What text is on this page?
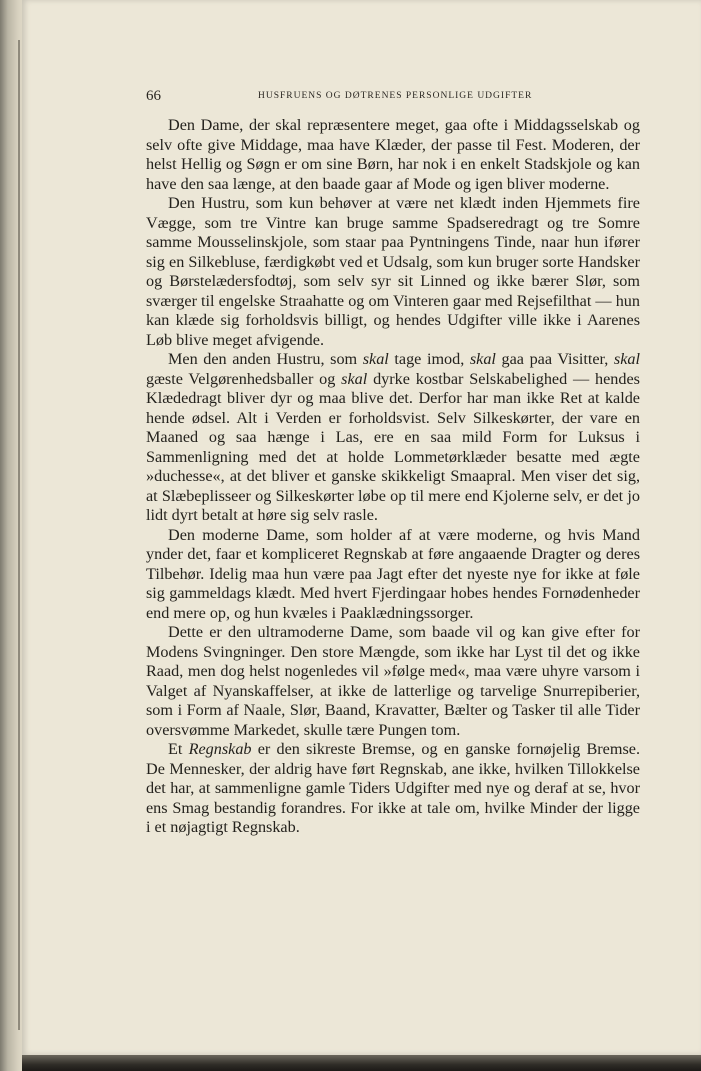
66	HUSFRUENS OG DØTRENES PERSONLIGE UDGIFTER

Den Dame, der skal repræsentere meget, gaa ofte i Middagsselskab og selv ofte give Middage, maa have Klæder, der passe til Fest. Moderen, der helst Hellig og Søgn er om sine Børn, har nok i en enkelt Stadskjole og kan have den saa længe, at den baade gaar af Mode og igen bliver moderne.

Den Hustru, som kun behøver at være net klædt inden Hjemmets fire Vægge, som tre Vintre kan bruge samme Spadseredragt og tre Somre samme Mousselinskjole, som staar paa Pyntningens Tinde, naar hun ifører sig en Silkebluse, færdigkøbt ved et Udsalg, som kun bruger sorte Handsker og Børstelædersfodtøj, som selv syr sit Linned og ikke bærer Slør, som sværger til engelske Straahatte og om Vinteren gaar med Rejsefilthat — hun kan klæde sig forholdsvis billigt, og hendes Udgifter ville ikke i Aarenes Løb blive meget afvigende.

Men den anden Hustru, som skal tage imod, skal gaa paa Visitter, skal gæste Velgørenhedsballer og skal dyrke kostbar Selskabelighed — hendes Klædedragt bliver dyr og maa blive det. Derfor har man ikke Ret at kalde hende ødsel. Alt i Verden er forholdsvist. Selv Silkeskørter, der vare en Maaned og saa hænge i Las, ere en saa mild Form for Luksus i Sammenligning med det at holde Lommetørklæder besatte med ægte »duchesse«, at det bliver et ganske skikkeligt Smaapral. Men viser det sig, at Slæbeplisseer og Silkeskørter løbe op til mere end Kjolerne selv, er det jo lidt dyrt betalt at høre sig selv rasle.

Den moderne Dame, som holder af at være moderne, og hvis Mand ynder det, faar et kompliceret Regnskab at føre angaaende Dragter og deres Tilbehør. Idelig maa hun være paa Jagt efter det nyeste nye for ikke at føle sig gammeldags klædt. Med hvert Fjerdingaar hobes hendes Fornødenheder end mere op, og hun kvæles i Paaklædningssorger.

Dette er den ultramoderne Dame, som baade vil og kan give efter for Modens Svingninger. Den store Mængde, som ikke har Lyst til det og ikke Raad, men dog helst nogenledes vil »følge med«, maa være uhyre varsom i Valget af Nyanskaffelser, at ikke de latterlige og tarvelige Snurrepiberier, som i Form af Naale, Slør, Baand, Kravatter, Bælter og Tasker til alle Tider oversvømme Markedet, skulle tære Pungen tom.

Et Regnskab er den sikreste Bremse, og en ganske fornøjelig Bremse. De Mennesker, der aldrig have ført Regnskab, ane ikke, hvilken Tillokkelse det har, at sammenligne gamle Tiders Udgifter med nye og deraf at se, hvor ens Smag bestandig forandres. For ikke at tale om, hvilke Minder der ligge i et nøjagtigt Regnskab.
